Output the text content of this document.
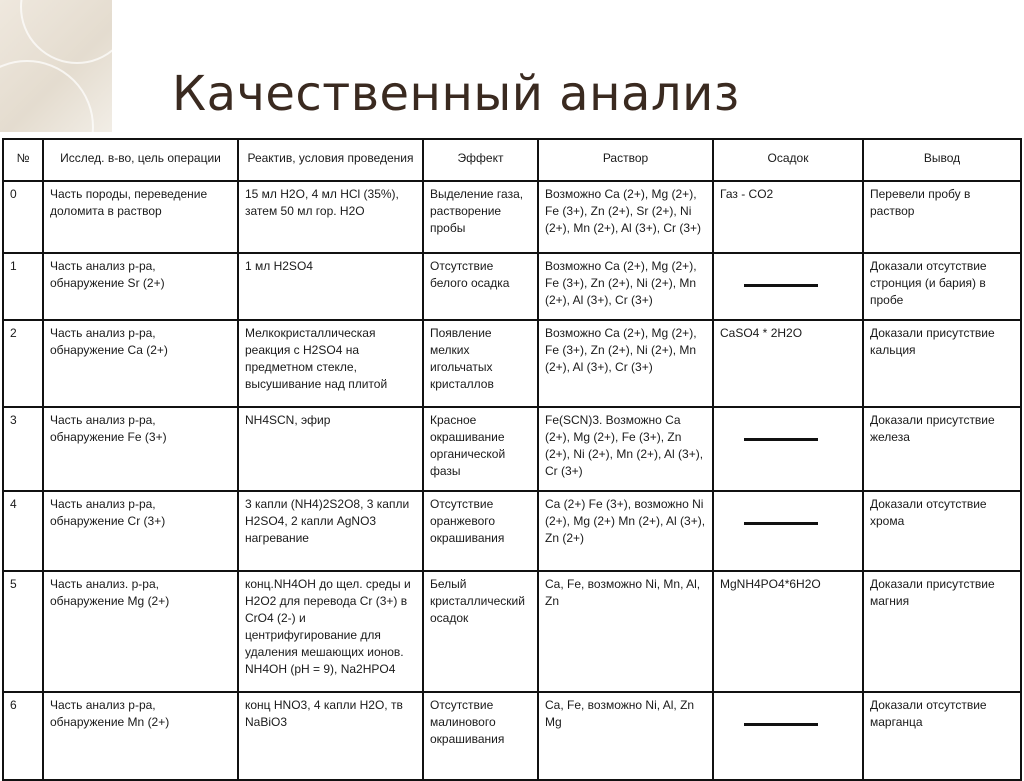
Качественный анализ
№	Исслед. в-во, цель операции	Реактив, условия проведения	Эффект	Раствор	Осадок	Вывод
0	Часть породы, переведение доломита в раствор	15 мл H2O, 4 мл HCl (35%), затем 50 мл гор. H2O	Выделение газа, растворение пробы	Возможно Ca (2+), Mg (2+), Fe (3+), Zn (2+), Sr (2+), Ni (2+), Mn (2+), Al (3+), Cr (3+)	Газ - CO2	Перевели пробу в раствор
1	Часть анализ р-ра, обнаружение Sr (2+)	1 мл H2SO4	Отсутствие белого осадка	Возможно Ca (2+), Mg (2+), Fe (3+), Zn (2+), Ni (2+), Mn (2+), Al (3+), Cr (3+)		Доказали отсутствие стронция (и бария) в пробе
2	Часть анализ р-ра, обнаружение Ca (2+)	Мелкокристаллическая реакция с H2SO4 на предметном стекле, высушивание над плитой	Появление мелких игольчатых кристаллов	Возможно Ca (2+), Mg (2+), Fe (3+), Zn (2+), Ni (2+), Mn (2+), Al (3+), Cr (3+)	CaSO4 * 2H2O	Доказали присутствие кальция
3	Часть анализ р-ра, обнаружение Fe (3+)	NH4SCN, эфир	Красное окрашивание органической фазы	Fe(SCN)3. Возможно Ca (2+), Mg (2+), Fe (3+), Zn (2+), Ni (2+), Mn (2+), Al (3+), Cr (3+)		Доказали присутствие железа
4	Часть анализ р-ра, обнаружение Cr (3+)	3 капли (NH4)2S2O8, 3 капли H2SO4, 2 капли AgNO3 нагревание	Отсутствие оранжевого окрашивания	Ca (2+) Fe (3+), возможно Ni (2+), Mg (2+) Mn (2+), Al (3+), Zn (2+)		Доказали отсутствие хрома
5	Часть анализ. р-ра, обнаружение Mg (2+)	конц.NH4OH до щел. среды и H2O2 для перевода Cr (3+) в CrO4 (2-) и центрифугирование для удаления мешающих ионов. NH4OH (pH = 9), Na2HPO4	Белый кристаллический осадок	Ca, Fe, возможно Ni, Mn, Al, Zn	MgNH4PO4*6H2O	Доказали присутствие магния
6	Часть анализ р-ра, обнаружение Mn (2+)	конц HNO3, 4 капли H2O, тв NaBiO3	Отсутствие малинового окрашивания	Ca, Fe, возможно Ni, Al, Zn Mg		Доказали отсутствие марганца
